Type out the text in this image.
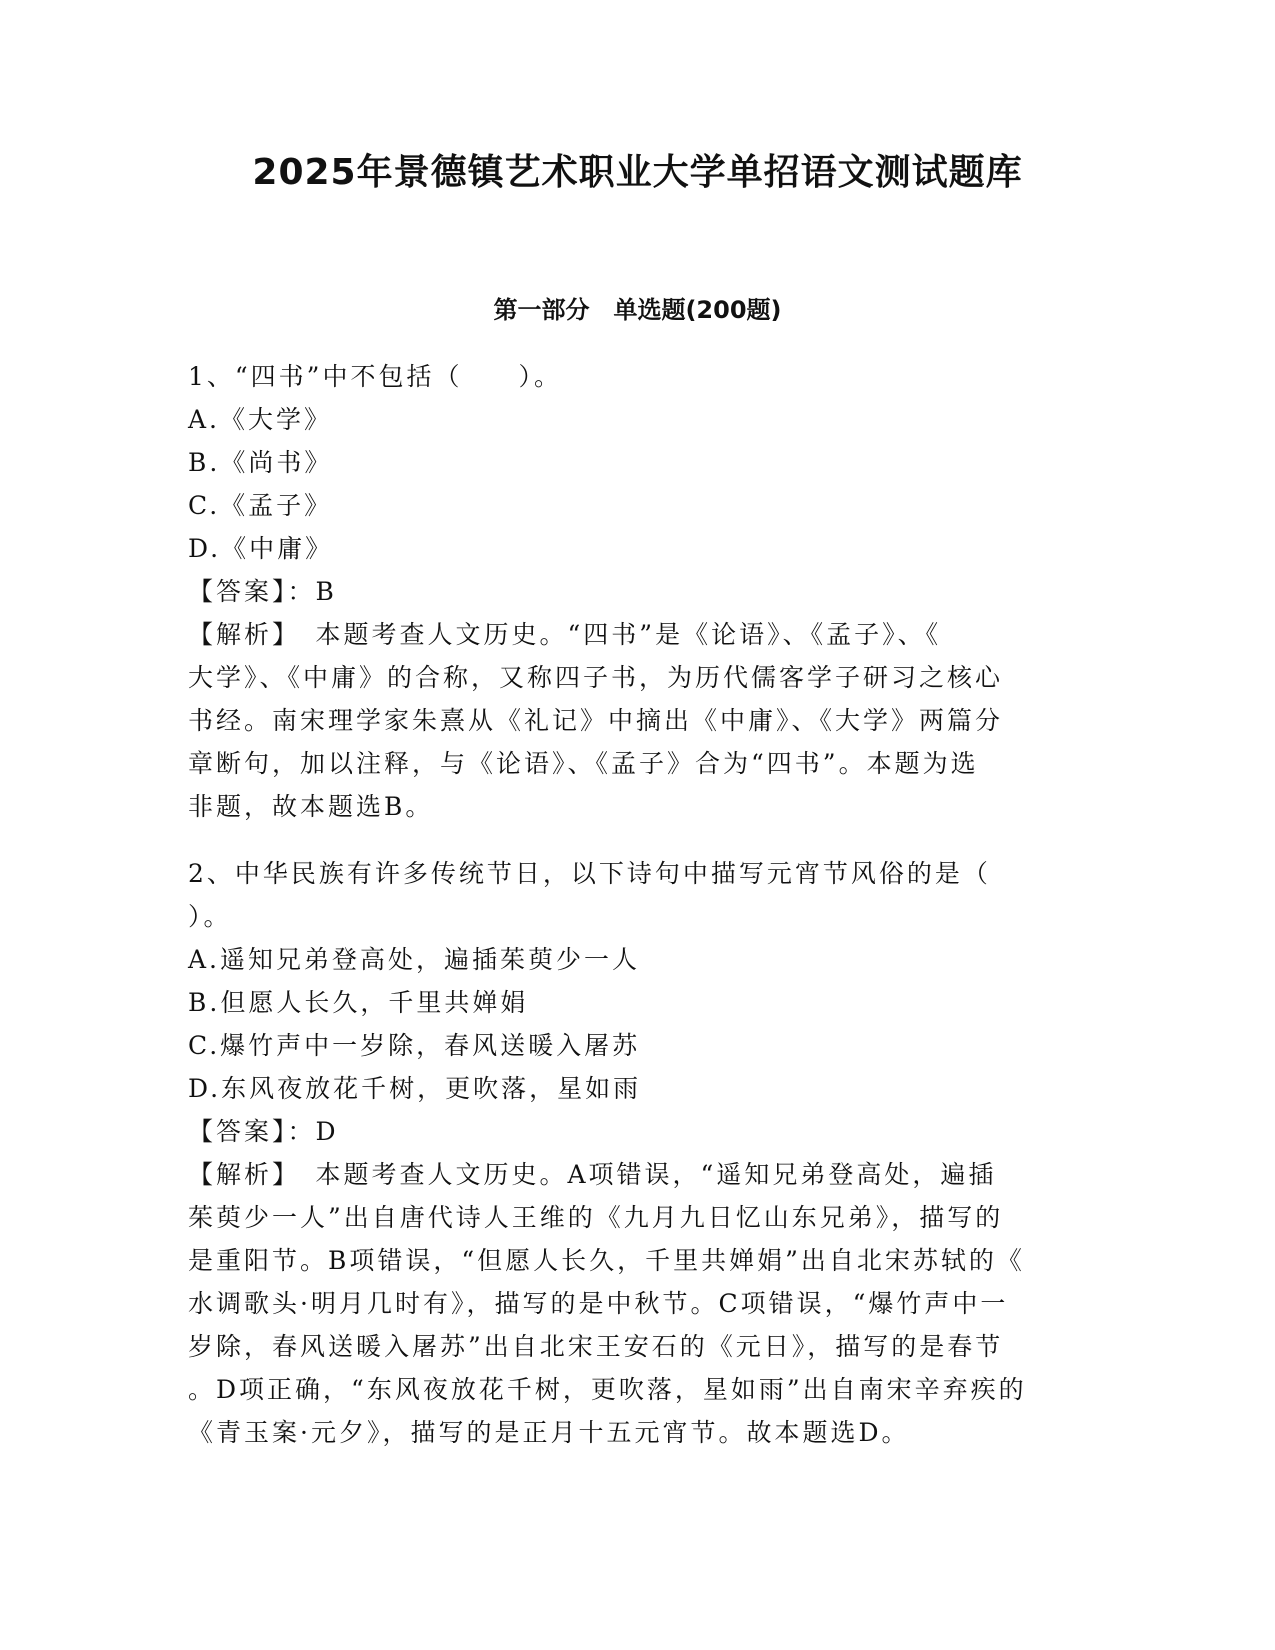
2025年景德镇艺术职业大学单招语文测试题库
第一部分　单选题(200题)

1、“四书”中不包括（　　）。

A.《大学》

B.《尚书》

C.《孟子》

D.《中庸》

【答案】：B

【解析】　本题考查人文历史。“四书”是《论语》、《孟子》、《

大学》、《中庸》的合称，又称四子书，为历代儒客学子研习之核心

书经。南宋理学家朱熹从《礼记》中摘出《中庸》、《大学》两篇分

章断句，加以注释，与《论语》、《孟子》合为“四书”。本题为选

非题，故本题选B。

2、中华民族有许多传统节日，以下诗句中描写元宵节风俗的是（

）。

A.遥知兄弟登高处，遍插茱萸少一人

B.但愿人长久，千里共婵娟

C.爆竹声中一岁除，春风送暖入屠苏

D.东风夜放花千树，更吹落，星如雨

【答案】：D

【解析】　本题考查人文历史。A项错误，“遥知兄弟登高处，遍插

茱萸少一人”出自唐代诗人王维的《九月九日忆山东兄弟》，描写的

是重阳节。B项错误，“但愿人长久，千里共婵娟”出自北宋苏轼的《

水调歌头·明月几时有》，描写的是中秋节。C项错误，“爆竹声中一

岁除，春风送暖入屠苏”出自北宋王安石的《元日》，描写的是春节

。D项正确，“东风夜放花千树，更吹落，星如雨”出自南宋辛弃疾的

《青玉案·元夕》，描写的是正月十五元宵节。故本题选D。
